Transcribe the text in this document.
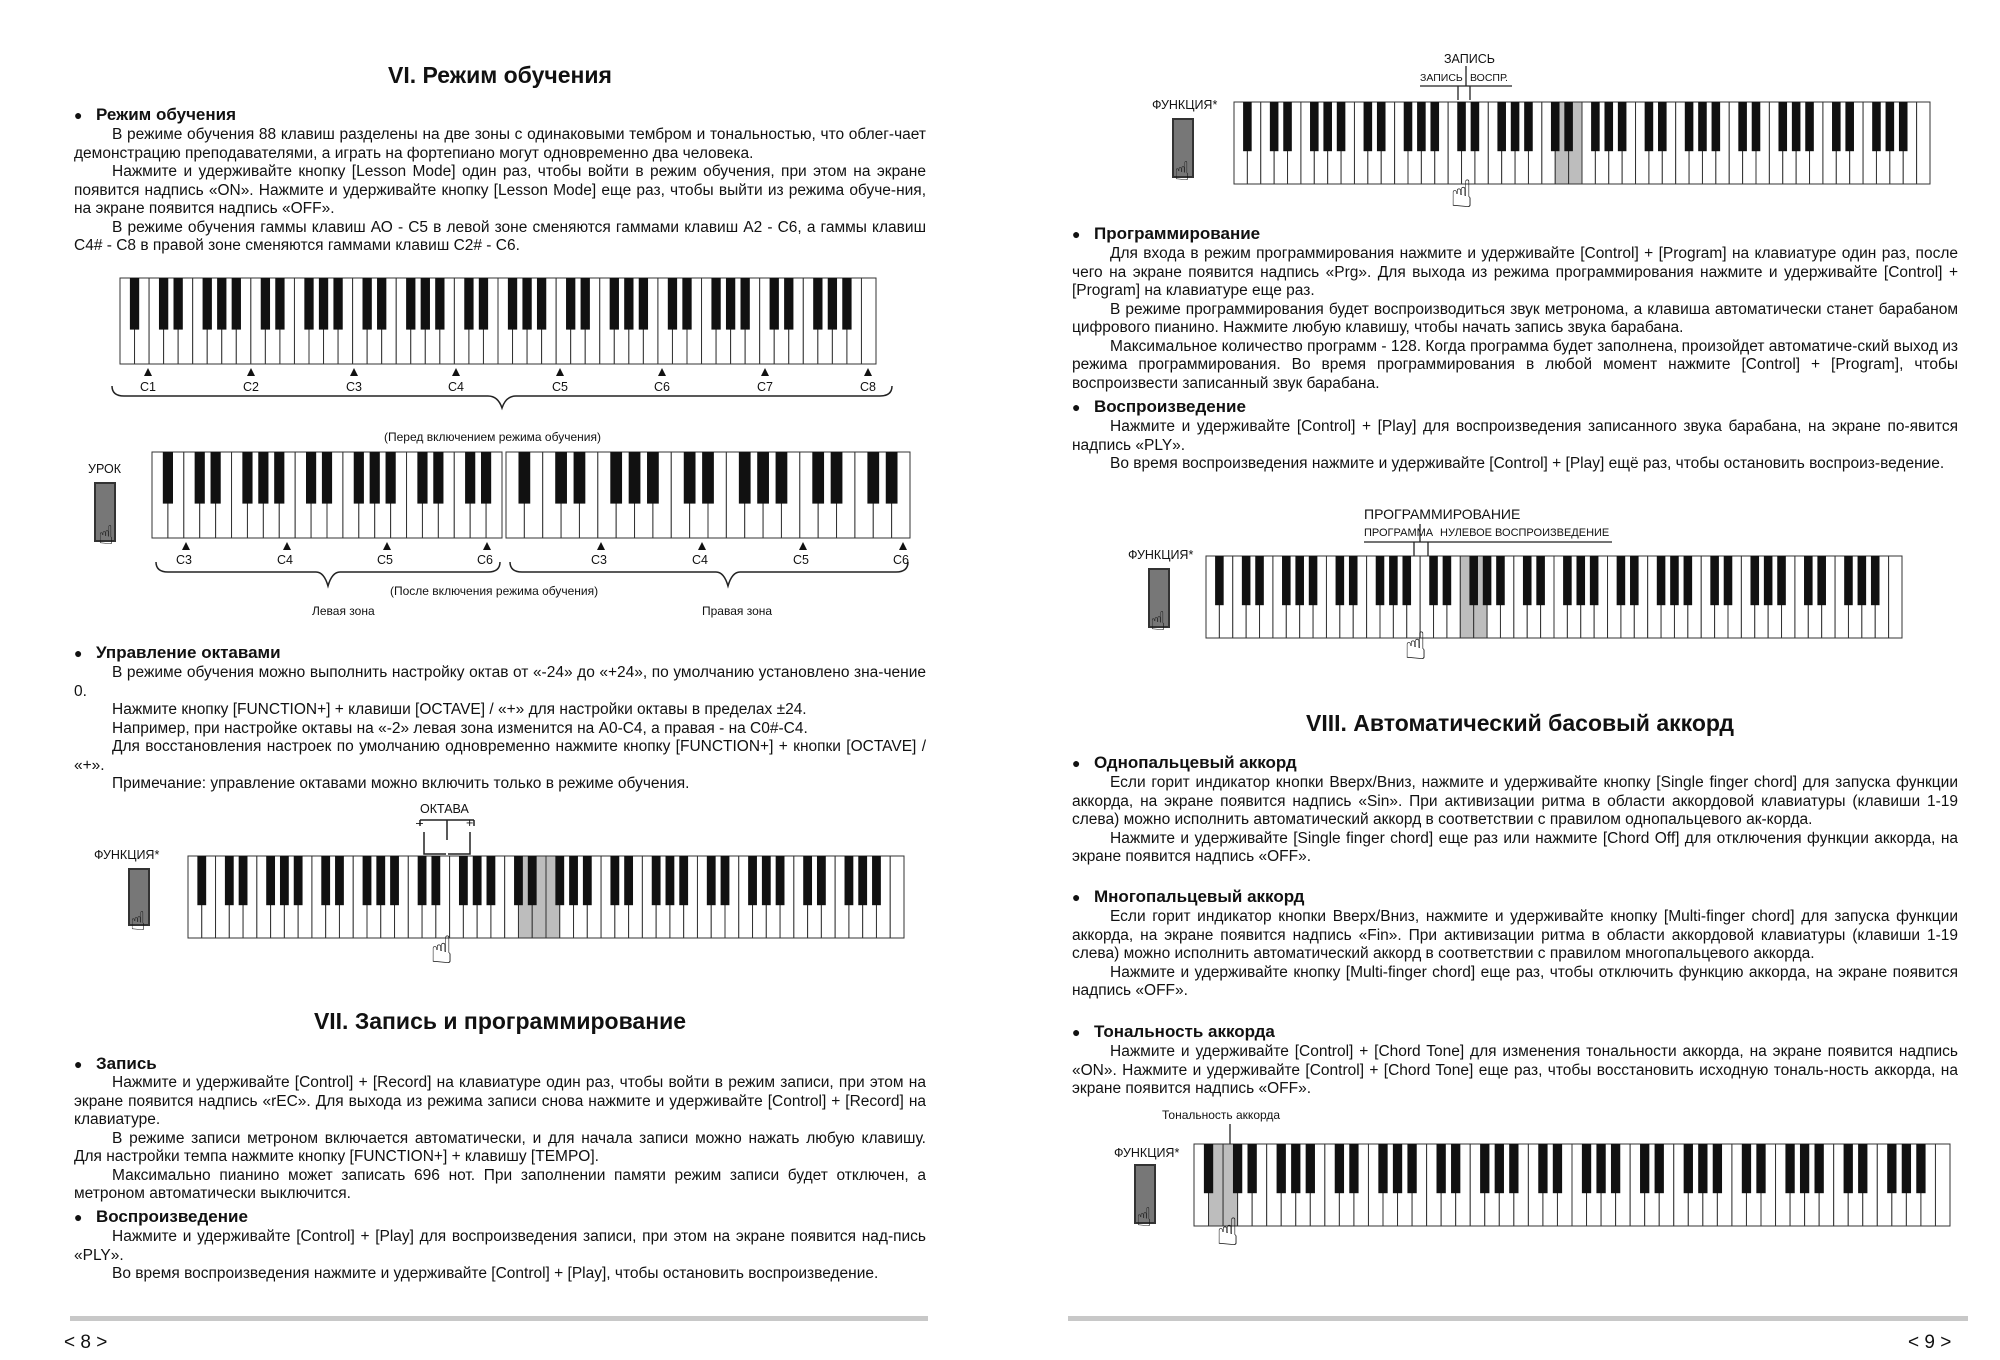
VI. Режим обучения
● Режим обучения

В режиме обучения 88 клавиш разделены на две зоны с одинаковыми тембром и тональностью, что облег-чает демонстрацию преподавателями, а играть на фортепиано могут одновременно два человека.

Нажмите и удерживайте кнопку [Lesson Mode] один раз, чтобы войти в режим обучения, при этом на экране появится надпись «ON». Нажмите и удерживайте кнопку [Lesson Mode] еще раз, чтобы выйти из режима обуче-ния, на экране появится надпись «OFF».

В режиме обучения гаммы клавиш АО - C5 в левой зоне сменяются гаммами клавиш A2 - C6, а гаммы клавиш C4# - C8 в правой зоне сменяются гаммами клавиш C2# - C6.

C1	C2	C3	C4	C5	C6	C7	C8
(Перед включением режима обучения)
УРОК
☝
C3	C4	C5	C6	C3	C4	C5	C6
(После включения режима обучения)
Левая зона	Правая зона
● Управление октавами

В режиме обучения можно выполнить настройку октав от «-24» до «+24», по умолчанию установлено зна-чение 0.

Нажмите кнопку [FUNCTION+] + клавиши [OCTAVE] / «+» для настройки октавы в пределах ±24.

Например, при настройке октавы на «-2» левая зона изменится на A0-C4, а правая - на C0#-C4.

Для восстановления настроек по умолчанию одновременно нажмите кнопку [FUNCTION+] + кнопки [OCTAVE] / «+».

Примечание: управление октавами можно включить только в режиме обучения.

ОКТАВА
–	+
ФУНКЦИЯ*
☝
☝
VII. Запись и программирование
● Запись

Нажмите и удерживайте [Control] + [Record] на клавиатуре один раз, чтобы войти в режим записи, при этом на экране появится надпись «rEC». Для выхода из режима записи снова нажмите и удерживайте [Control] + [Record] на клавиатуре.

В режиме записи метроном включается автоматически, и для начала записи можно нажать любую клавишу. Для настройки темпа нажмите кнопку [FUNCTION+] + клавишу [TEMPO].

Максимально пианино может записать 696 нот. При заполнении памяти режим записи будет отключен, а метроном автоматически выключится.

● Воспроизведение

Нажмите и удерживайте [Control] + [Play] для воспроизведения записи, при этом на экране появится над-пись «PLY».

Во время воспроизведения нажмите и удерживайте [Control] + [Play], чтобы остановить воспроизведение.

< 8 >
ЗАПИСЬ
ЗАПИСЬ ВОСПР.
ФУНКЦИЯ*
☝
☝
● Программирование

Для входа в режим программирования нажмите и удерживайте [Control] + [Program] на клавиатуре один раз, после чего на экране появится надпись «Prg». Для выхода из режима программирования нажмите и удерживайте [Control] + [Program] на клавиатуре еще раз.

В режиме программирования будет воспроизводиться звук метронома, а клавиша автоматически станет барабаном цифрового пианино. Нажмите любую клавишу, чтобы начать запись звука барабана.

Максимальное количество программ - 128. Когда программа будет заполнена, произойдет автоматиче-ский выход из режима программирования. Во время программирования в любой момент нажмите [Control] + [Program], чтобы воспроизвести записанный звук барабана.

● Воспроизведение

Нажмите и удерживайте [Control] + [Play] для воспроизведения записанного звука барабана, на экране по-явится надпись «PLY».

Во время воспроизведения нажмите и удерживайте [Control] + [Play] ещё раз, чтобы остановить воспроиз-ведение.

ПРОГРАММИРОВАНИЕ
ПРОГРАММА НУЛЕВОЕ ВОСПРОИЗВЕДЕНИЕ
ФУНКЦИЯ*
☝
☝
VIII. Автоматический басовый аккорд
● Однопальцевый аккорд

Если горит индикатор кнопки Вверх/Вниз, нажмите и удерживайте кнопку [Single finger chord] для запуска функции аккорда, на экране появится надпись «Sin». При активизации ритма в области аккордовой клавиатуры (клавиши 1-19 слева) можно исполнить автоматический аккорд в соответствии с правилом однопальцевого ак-корда.

Нажмите и удерживайте [Single finger chord] еще раз или нажмите [Chord Off] для отключения функции аккорда, на экране появится надпись «OFF».

● Многопальцевый аккорд

Если горит индикатор кнопки Вверх/Вниз, нажмите и удерживайте кнопку [Multi-finger chord] для запуска функции аккорда, на экране появится надпись «Fin». При активизации ритма в области аккордовой клавиатуры (клавиши 1-19 слева) можно исполнить автоматический аккорд в соответствии с правилом многопальцевого аккорда.

Нажмите и удерживайте кнопку [Multi-finger chord] еще раз, чтобы отключить функцию аккорда, на экране появится надпись «OFF».

● Тональность аккорда

Нажмите и удерживайте [Control] + [Chord Tone] для изменения тональности аккорда, на экране появится надпись «ON». Нажмите и удерживайте [Control] + [Chord Tone] еще раз, чтобы восстановить исходную тональ-ность аккорда, на экране появится надпись «OFF».

Тональность аккорда
ФУНКЦИЯ*
☝ ☝
< 9 >
